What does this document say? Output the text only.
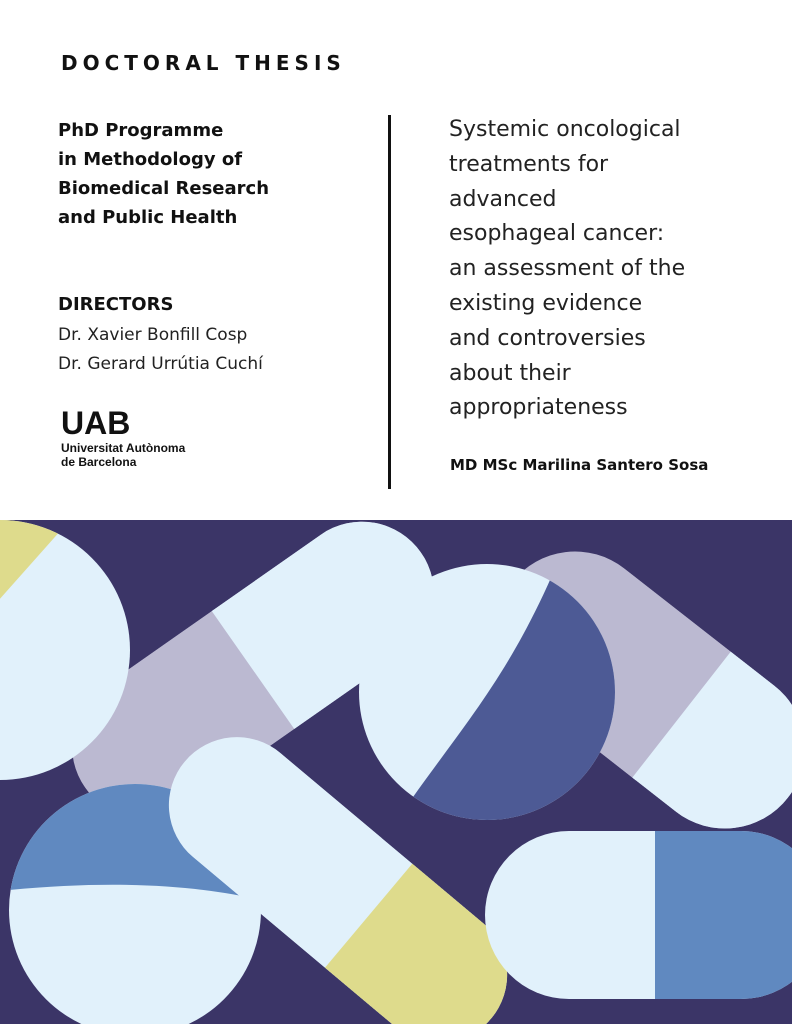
DOCTORAL THESIS
PhD Programme
in Methodology of
Biomedical Research
and Public Health
DIRECTORS
Dr. Xavier Bonfill Cosp
Dr. Gerard Urrútia Cuchí
UAB
Universitat Autònoma
de Barcelona
Systemic oncological
treatments for
advanced
esophageal cancer:
an assessment of the
existing evidence
and controversies
about their
appropriateness
MD MSc Marilina Santero Sosa
